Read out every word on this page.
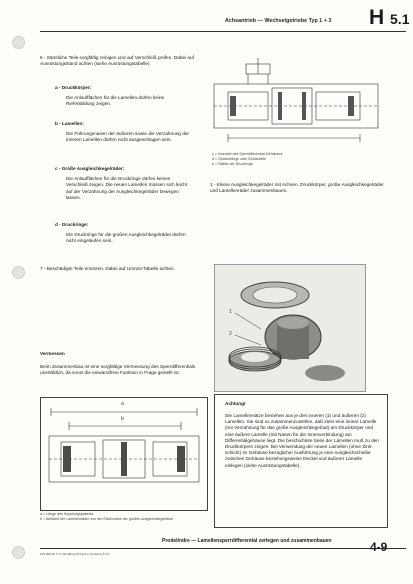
Achsantrieb — Wechselgetriebe Typ 1 + 3 H 5.1
6 - Sämtliche Teile sorgfältig reinigen und auf Verschleiß prüfen. Dabei auf Ausrüstungsstand achten (siehe Ausrüstungstabelle).
a - Druckkörper:
Die Anlaufflächen für die Lamellen dürfen keine Riefenbildung zeigen.
b - Lamellen:
Die Führungsnasen der äußeren sowie die Verzahnung der inneren Lamellen dürfen nicht ausgeschlagen sein.
c - Große Ausgleichkegelräder:
Die Anlaufflächen für die Druckringe dürfen keinen Verschleiß zeigen. Die neuen Lamellen müssen sich leicht auf der Verzahnung der Ausgleichkegelräder bewegen lassen.
d - Druckringe:
Die Druckringe für die großen Ausgleichkegelräder dürfen nicht eingelaufen sein.
7 - Beschädigte Teile ersetzen. Dabei auf Umrüst-Tabelle achten.
c = Innenteil des Sperrdifferential-Gehäuses
d = Gewindlänge oder Einbauteile
e = Stärke der Druckringe
1 - Kleine Ausgleichkegelräder mit Achsen, Druckkörper, große Ausgleichkegelräder und Lamellenräder zusammenbauen.
1
2
Vermessen
Beim Zusammenbau ist eine sorgfältige Vermessung des Sperrdifferentials unerläßlich, da sonst die einwandfreie Funktion in Frage gestellt ist.
a
b
a = Länge des Kupplungspaketes
b = Abstand der Lamellenräder von der Ölschraube der großen Ausgleichkegelräder
Achtung!
Die Lamellensätze bestehen aus je drei inneren (1) und äußeren (2) Lamellen. Sie sind so zusammenzustellen, daß stets eine innere Lamelle (mit Verzahnung für das große Ausgleichkegelrad) am Druckkörper und eine äußere Lamelle (mit Nasen für die Innenverbindung) am Differentialgehäuse liegt. Die beschichtete Seite der Lamellen muß zu den Druckkörpern zeigen. Bei Verwendung der neuen Lamellen (ohne Zinkschicht) im Gehäuse bezüglicher Ausführung je eine Ausgleichscheibe zwischen Gehäuse beziehungsweise Deckel und äußerer Lamelle einlegen (siehe Ausrüstungstabelle).
Prodelindre — Lamellensperrdifferential zerlegen und zusammenbauen	4-9
229.900.00 © S. Windberg Printed in Germany 6-71
